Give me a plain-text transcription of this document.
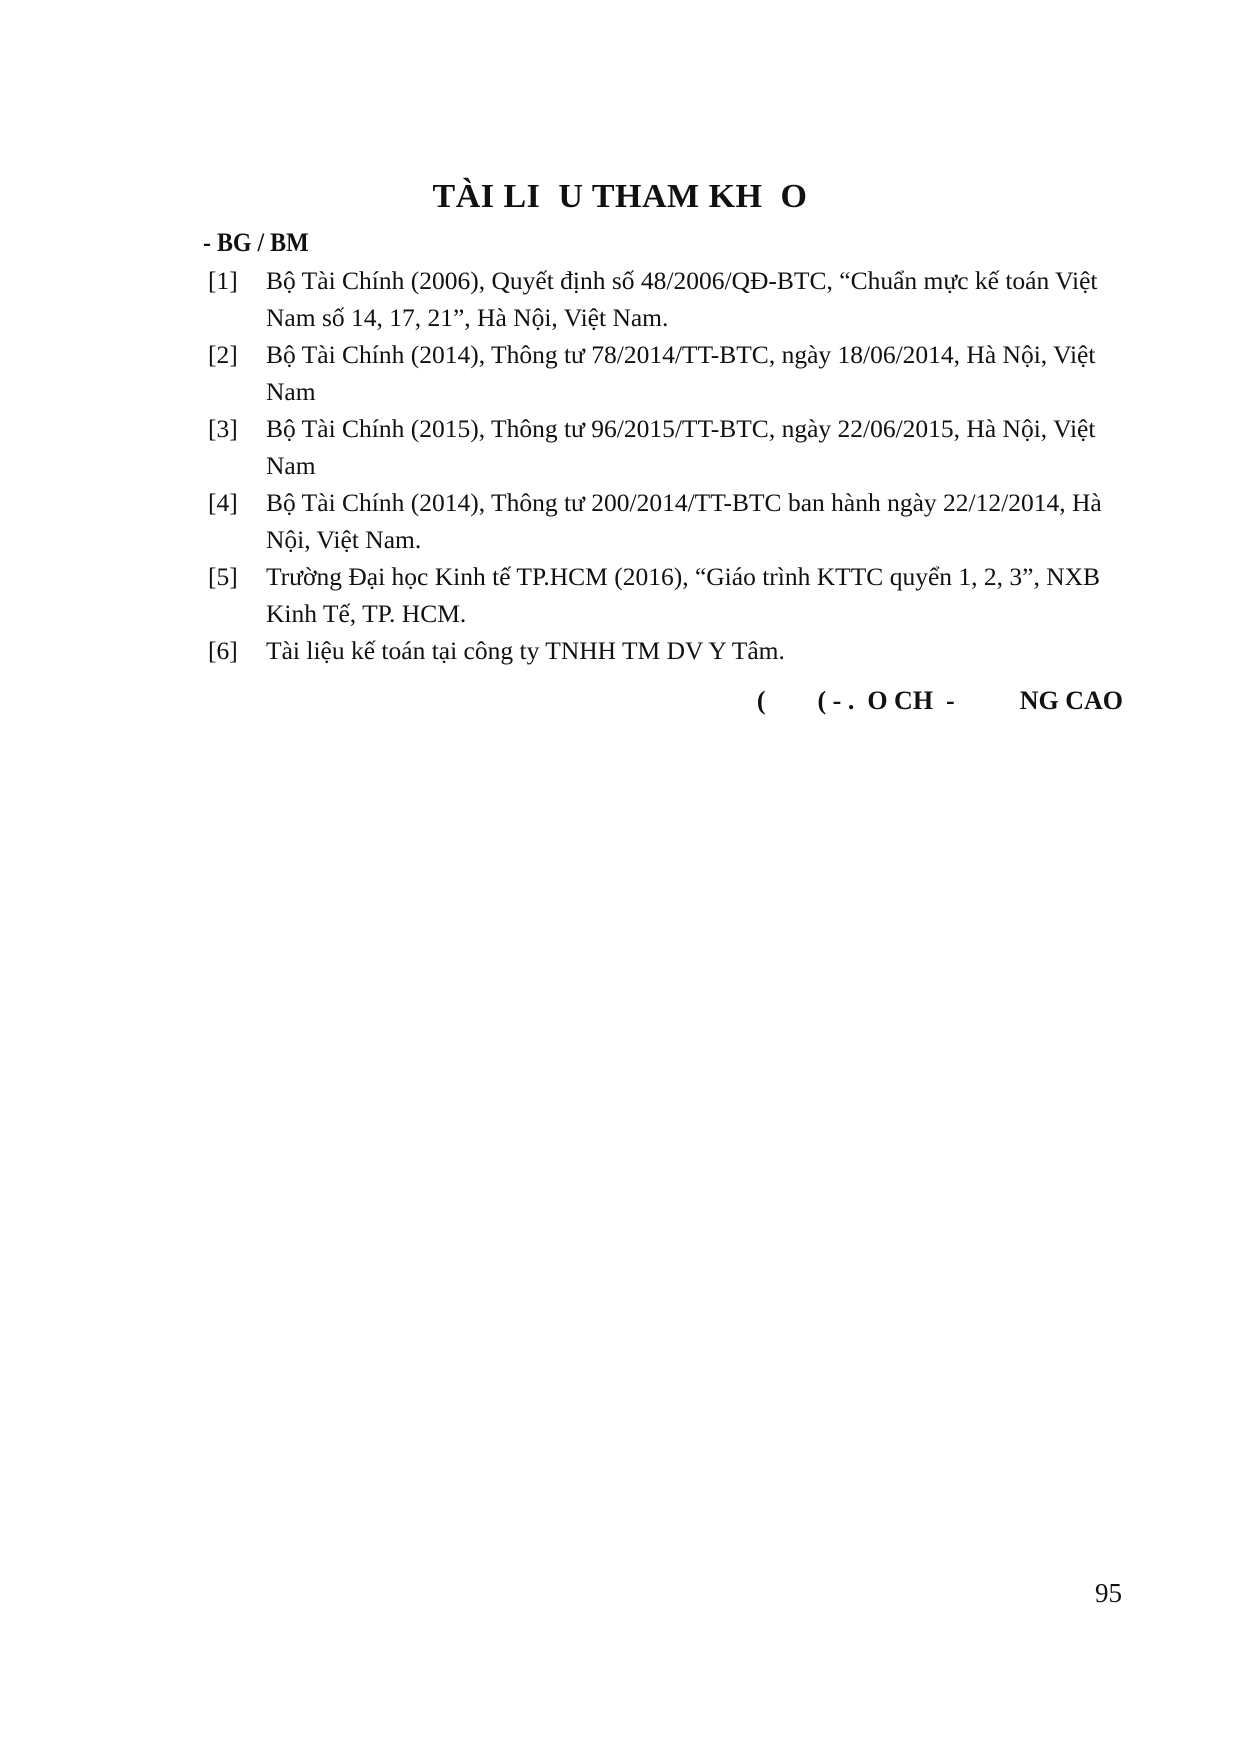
TÀI LI  U THAM KH  O
- BG / BM
[1] Bộ Tài Chính (2006), Quyết định số 48/2006/QĐ-BTC, “Chuẩn mực kế toán Việt Nam số 14, 17, 21”, Hà Nội, Việt Nam.
[2] Bộ Tài Chính (2014), Thông tư 78/2014/TT-BTC, ngày 18/06/2014, Hà Nội, Việt Nam
[3] Bộ Tài Chính (2015), Thông tư 96/2015/TT-BTC, ngày 22/06/2015, Hà Nội, Việt Nam
[4] Bộ Tài Chính (2014), Thông tư 200/2014/TT-BTC ban hành ngày 22/12/2014, Hà Nội, Việt Nam.
[5] Trường Đại học Kinh tế TP.HCM (2016), “Giáo trình KTTC quyển 1, 2, 3”, NXB Kinh Tế, TP. HCM.
[6] Tài liệu kế toán tại công ty TNHH TM DV Y Tâm.
(        ( - .  O CH  -          NG CAO
95
